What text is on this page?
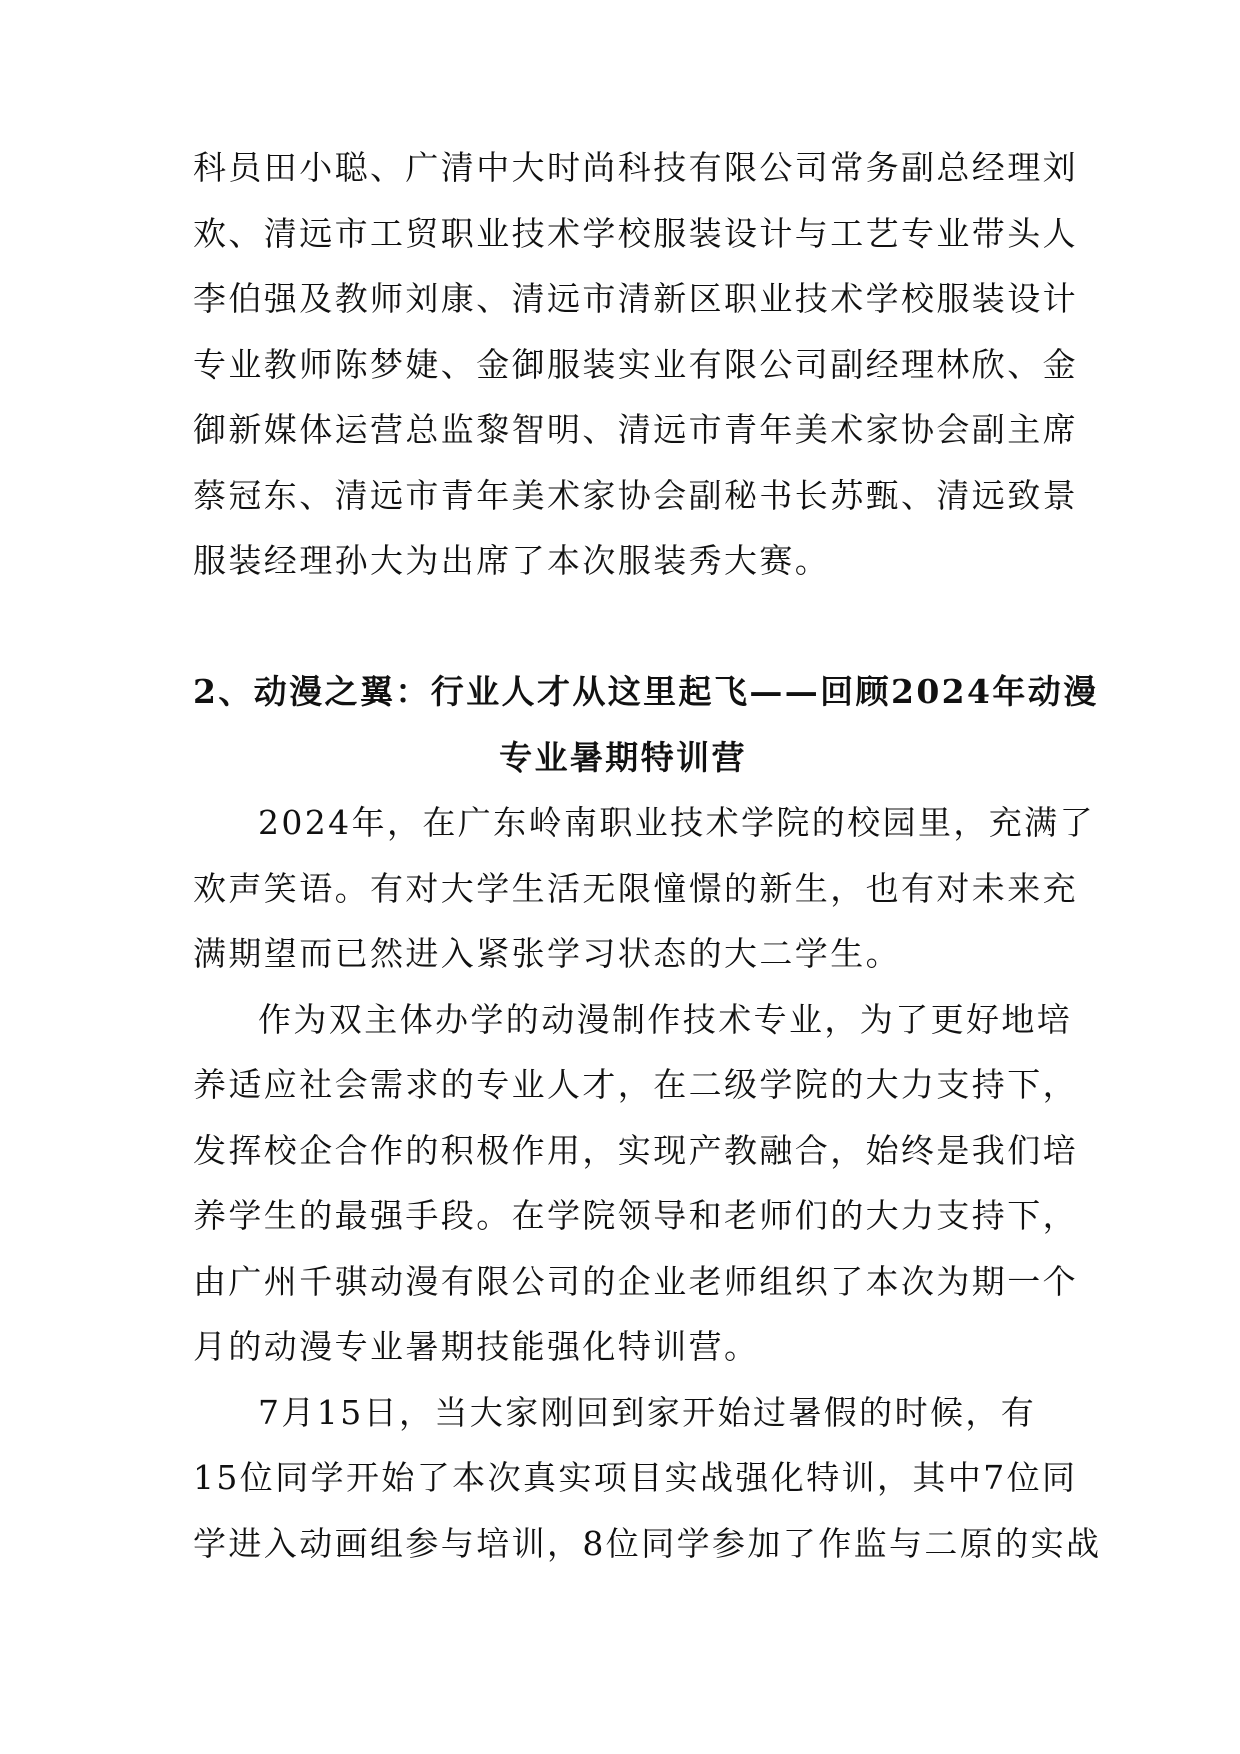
科员田小聪、广清中大时尚科技有限公司常务副总经理刘
欢、清远市工贸职业技术学校服装设计与工艺专业带头人
李伯强及教师刘康、清远市清新区职业技术学校服装设计
专业教师陈梦婕、金御服装实业有限公司副经理林欣、金
御新媒体运营总监黎智明、清远市青年美术家协会副主席
蔡冠东、清远市青年美术家协会副秘书长苏甄、清远致景
服装经理孙大为出席了本次服装秀大赛。
2、动漫之翼：行业人才从这里起飞——回顾2024年动漫
专业暑期特训营
2024年，在广东岭南职业技术学院的校园里，充满了
欢声笑语。有对大学生活无限憧憬的新生，也有对未来充
满期望而已然进入紧张学习状态的大二学生。
作为双主体办学的动漫制作技术专业，为了更好地培
养适应社会需求的专业人才，在二级学院的大力支持下，
发挥校企合作的积极作用，实现产教融合，始终是我们培
养学生的最强手段。在学院领导和老师们的大力支持下，
由广州千骐动漫有限公司的企业老师组织了本次为期一个
月的动漫专业暑期技能强化特训营。
7月15日，当大家刚回到家开始过暑假的时候，有
15位同学开始了本次真实项目实战强化特训，其中7位同
学进入动画组参与培训，8位同学参加了作监与二原的实战
